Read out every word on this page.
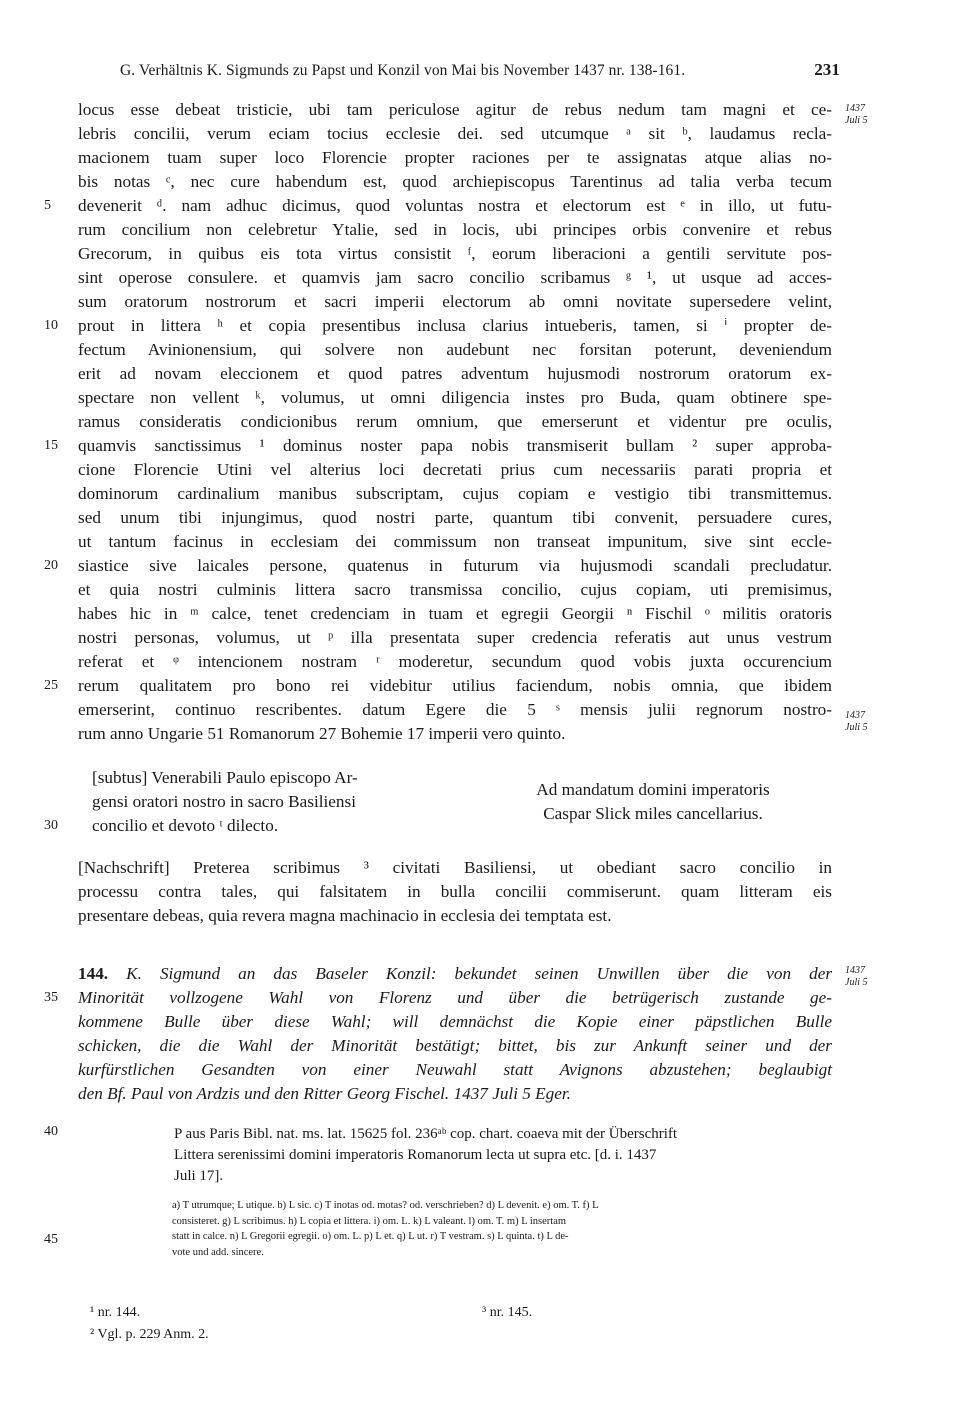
G. Verhältnis K. Sigmunds zu Papst und Konzil von Mai bis November 1437 nr. 138-161.	231
1437
Juli 5
1437
Juli 5
1437
Juli 5
5
10
15
20
25
30
35
40
45
locus esse debeat tristicie, ubi tam periculose agitur de rebus nedum tam magni et ce-
lebris concilii, verum eciam tocius ecclesie dei. sed utcumque ᵃ sit ᵇ, laudamus recla-
macionem tuam super loco Florencie propter raciones per te assignatas atque alias no-
bis notas ᶜ, nec cure habendum est, quod archiepiscopus Tarentinus ad talia verba tecum
devenerit ᵈ. nam adhuc dicimus, quod voluntas nostra et electorum est ᵉ in illo, ut futu-
rum concilium non celebretur Ytalie, sed in locis, ubi principes orbis convenire et rebus
Grecorum, in quibus eis tota virtus consistit ᶠ, eorum liberacioni a gentili servitute pos-
sint operose consulere. et quamvis jam sacro concilio scribamus ᵍ ¹, ut usque ad acces-
sum oratorum nostrorum et sacri imperii electorum ab omni novitate supersedere velint,
prout in littera ʰ et copia presentibus inclusa clarius intueberis, tamen, si ⁱ propter de-
fectum Avinionensium, qui solvere non audebunt nec forsitan poterunt, deveniendum
erit ad novam eleccionem et quod patres adventum hujusmodi nostrorum oratorum ex-
spectare non vellent ᵏ, volumus, ut omni diligencia instes pro Buda, quam obtinere spe-
ramus consideratis condicionibus rerum omnium, que emerserunt et videntur pre oculis,
quamvis sanctissimus ¹ dominus noster papa nobis transmiserit bullam ² super approba-
cione Florencie Utini vel alterius loci decretati prius cum necessariis parati propria et
dominorum cardinalium manibus subscriptam, cujus copiam e vestigio tibi transmittemus.
sed unum tibi injungimus, quod nostri parte, quantum tibi convenit, persuadere cures,
ut tantum facinus in ecclesiam dei commissum non transeat impunitum, sive sint eccle-
siastice sive laicales persone, quatenus in futurum via hujusmodi scandali precludatur.
et quia nostri culminis littera sacro transmissa concilio, cujus copiam, uti premisimus,
habes hic in ᵐ calce, tenet credenciam in tuam et egregii Georgii ⁿ Fischil ᵒ militis oratoris
nostri personas, volumus, ut ᵖ illa presentata super credencia referatis aut unus vestrum
referat et ᵠ intencionem nostram ʳ moderetur, secundum quod vobis juxta occurencium
rerum qualitatem pro bono rei videbitur utilius faciendum, nobis omnia, que ibidem
emerserint, continuo rescribentes. datum Egere die 5 ˢ mensis julii regnorum nostro-
rum anno Ungarie 51 Romanorum 27 Bohemie 17 imperii vero quinto.
[subtus] Venerabili Paulo episcopo Ar-
gensi oratori nostro in sacro Basiliensi
concilio et devoto ᵗ dilecto.
Ad mandatum domini imperatoris
Caspar Slick miles cancellarius.
[Nachschrift] Preterea scribimus ³ civitati Basiliensi, ut obediant sacro concilio in
processu contra tales, qui falsitatem in bulla concilii commiserunt. quam litteram eis
presentare debeas, quia revera magna machinacio in ecclesia dei temptata est.
144. K. Sigmund an das Baseler Konzil: bekundet seinen Unwillen über die von der
Minorität vollzogene Wahl von Florenz und über die betrügerisch zustande ge-
kommene Bulle über diese Wahl; will demnächst die Kopie einer päpstlichen Bulle
schicken, die die Wahl der Minorität bestätigt; bittet, bis zur Ankunft seiner und der
kurfürstlichen Gesandten von einer Neuwahl statt Avignons abzustehen; beglaubigt
den Bf. Paul von Ardzis und den Ritter Georg Fischel. 1437 Juli 5 Eger.
P aus Paris Bibl. nat. ms. lat. 15625 fol. 236ᵃᵇ cop. chart. coaeva mit der Überschrift
Littera serenissimi domini imperatoris Romanorum lecta ut supra etc. [d. i. 1437
Juli 17].
a) T utrumque; L utique. b) L sic. c) T inotas od. motas? od. verschrieben? d) L devenit. e) om. T. f) L
consisteret. g) L scribimus. h) L copia et littera. i) om. L. k) L valeant. l) om. T. m) L insertam
statt in calce. n) L Gregorii egregii. o) om. L. p) L et. q) L ut. r) T vestram. s) L quinta. t) L de-
vote und add. sincere.
¹ nr. 144.
² Vgl. p. 229 Anm. 2.
³ nr. 145.
